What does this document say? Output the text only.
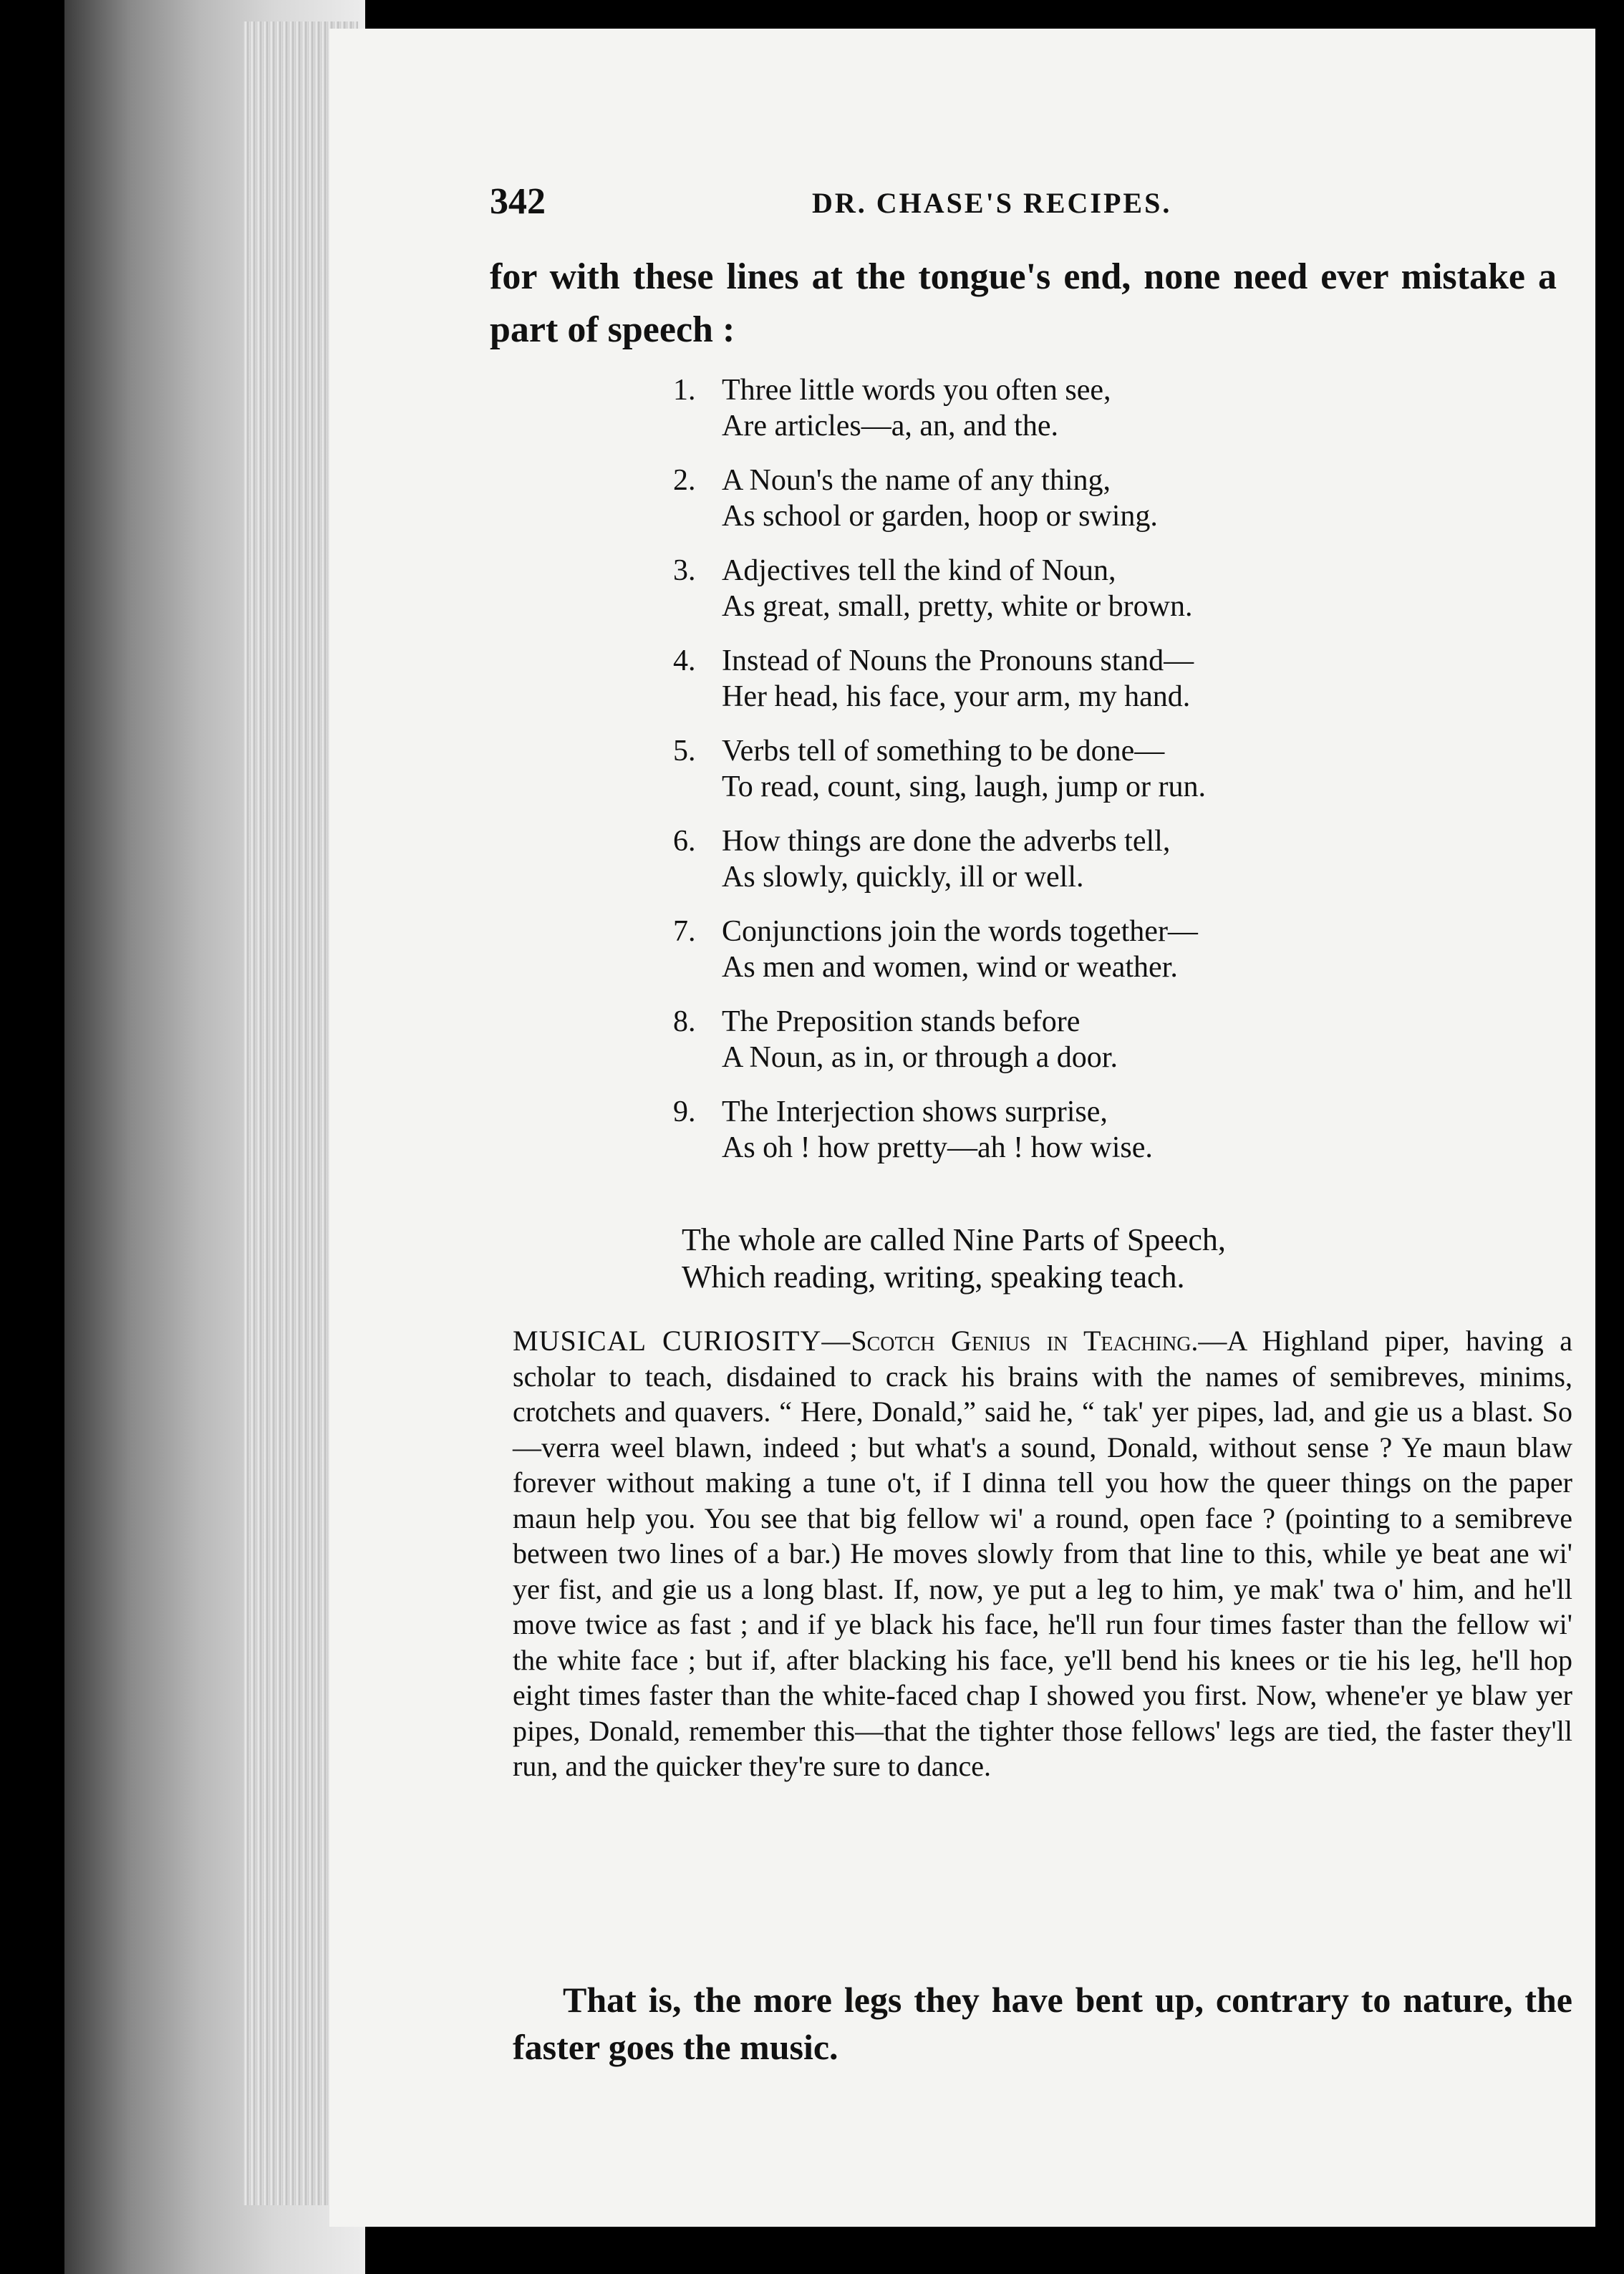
342	DR. CHASE'S RECIPES.
for with these lines at the tongue's end, none need ever mistake a part of speech :
1. Three little words you often see,
Are articles—a, an, and the.
2. A Noun's the name of any thing,
As school or garden, hoop or swing.
3. Adjectives tell the kind of Noun,
As great, small, pretty, white or brown.
4. Instead of Nouns the Pronouns stand—
Her head, his face, your arm, my hand.
5. Verbs tell of something to be done—
To read, count, sing, laugh, jump or run.
6. How things are done the adverbs tell,
As slowly, quickly, ill or well.
7. Conjunctions join the words together—
As men and women, wind or weather.
8. The Preposition stands before
A Noun, as in, or through a door.
9. The Interjection shows surprise,
As oh ! how pretty—ah ! how wise.
The whole are called Nine Parts of Speech,
Which reading, writing, speaking teach.
MUSICAL CURIOSITY—Scotch Genius in Teaching.—A Highland piper, having a scholar to teach, disdained to crack his brains with the names of semibreves, minims, crotchets and quavers. “ Here, Donald,” said he, “ tak' yer pipes, lad, and gie us a blast. So—verra weel blawn, indeed ; but what's a sound, Donald, without sense ? Ye maun blaw forever without making a tune o't, if I dinna tell you how the queer things on the paper maun help you. You see that big fellow wi' a round, open face ? (pointing to a semibreve between two lines of a bar.) He moves slowly from that line to this, while ye beat ane wi' yer fist, and gie us a long blast. If, now, ye put a leg to him, ye mak' twa o' him, and he'll move twice as fast ; and if ye black his face, he'll run four times faster than the fellow wi' the white face ; but if, after blacking his face, ye'll bend his knees or tie his leg, he'll hop eight times faster than the white-faced chap I showed you first. Now, whene'er ye blaw yer pipes, Donald, remember this—that the tighter those fellows' legs are tied, the faster they'll run, and the quicker they're sure to dance.
That is, the more legs they have bent up, contrary to nature, the faster goes the music.
